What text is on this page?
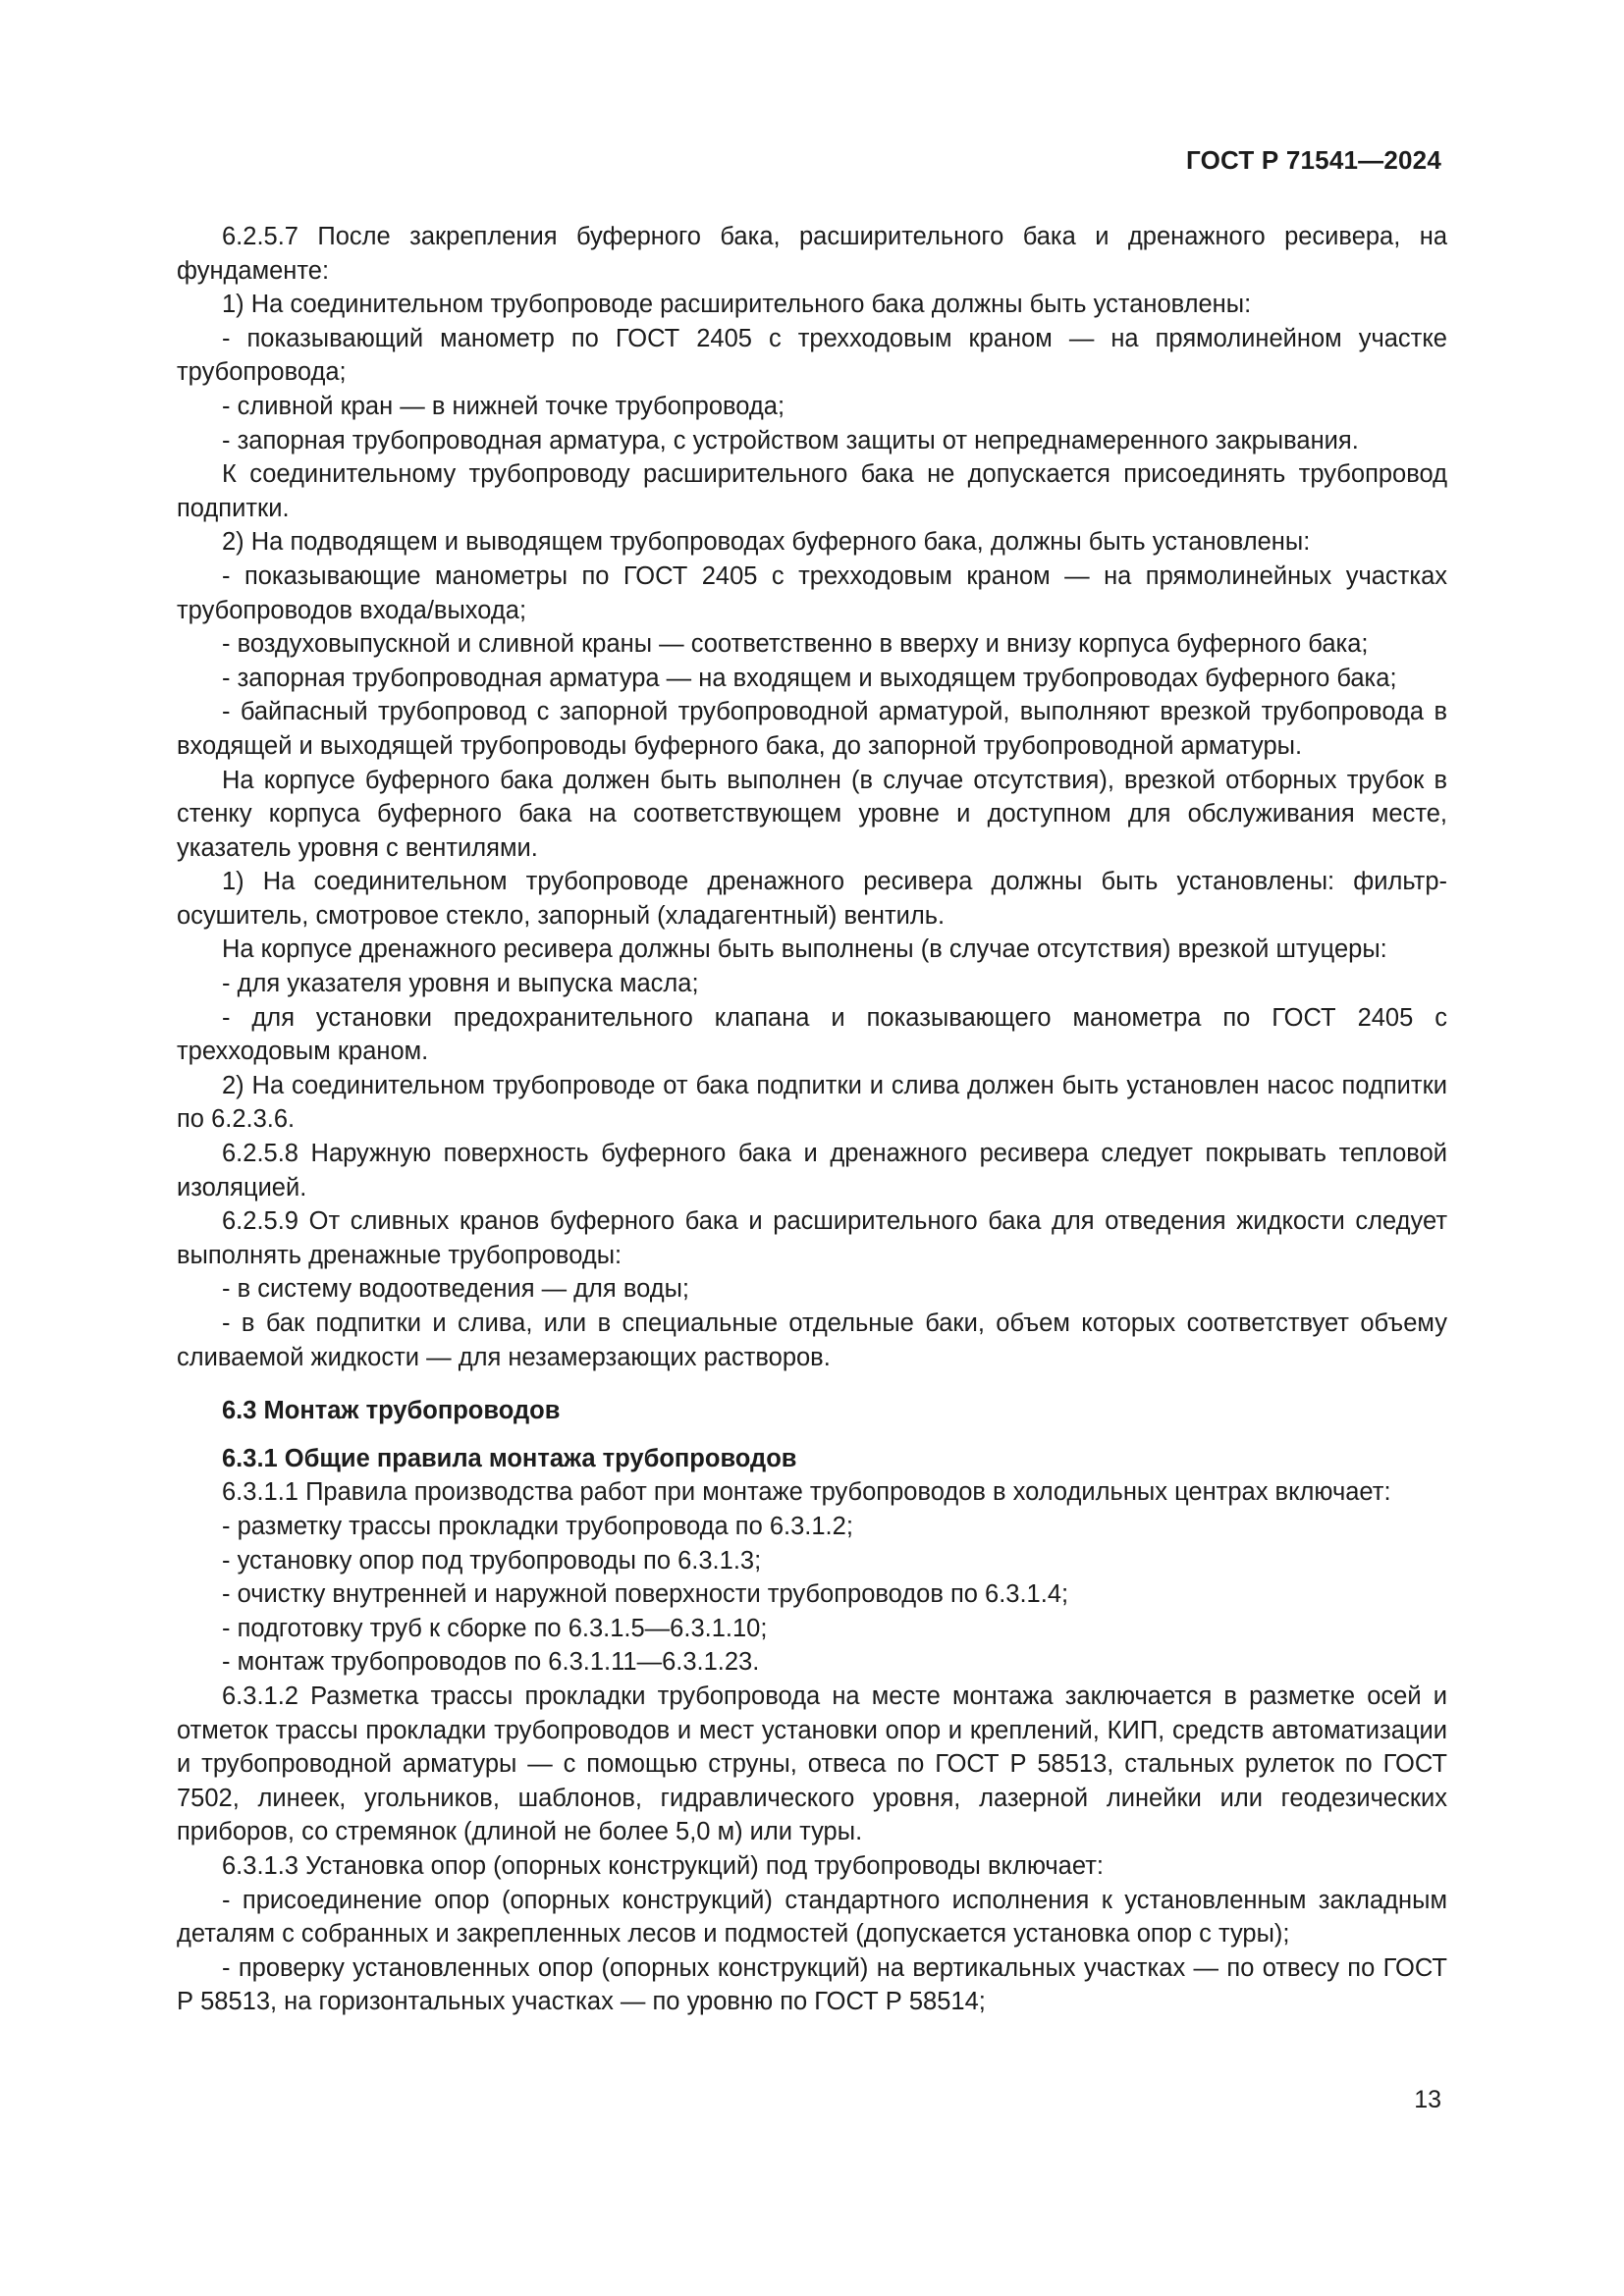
ГОСТ Р 71541—2024

6.2.5.7 После закрепления буферного бака, расширительного бака и дренажного ресивера, на фундаменте:

1) На соединительном трубопроводе расширительного бака должны быть установлены:

- показывающий манометр по ГОСТ 2405 с трехходовым краном — на прямолинейном участке трубопровода;

- сливной кран — в нижней точке трубопровода;

- запорная трубопроводная арматура, с устройством защиты от непреднамеренного закрывания.

К соединительному трубопроводу расширительного бака не допускается присоединять трубопровод подпитки.

2) На подводящем и выводящем трубопроводах буферного бака, должны быть установлены:

- показывающие манометры по ГОСТ 2405 с трехходовым краном — на прямолинейных участках трубопроводов входа/выхода;

- воздуховыпускной и сливной краны — соответственно в вверху и внизу корпуса буферного бака;

- запорная трубопроводная арматура — на входящем и выходящем трубопроводах буферного бака;

- байпасный трубопровод с запорной трубопроводной арматурой, выполняют врезкой трубопровода в входящей и выходящей трубопроводы буферного бака, до запорной трубопроводной арматуры.

На корпусе буферного бака должен быть выполнен (в случае отсутствия), врезкой отборных трубок в стенку корпуса буферного бака на соответствующем уровне и доступном для обслуживания месте, указатель уровня с вентилями.

1) На соединительном трубопроводе дренажного ресивера должны быть установлены: фильтр-осушитель, смотровое стекло, запорный (хладагентный) вентиль.

На корпусе дренажного ресивера должны быть выполнены (в случае отсутствия) врезкой штуцеры:

- для указателя уровня и выпуска масла;

- для установки предохранительного клапана и показывающего манометра по ГОСТ 2405 с трехходовым краном.

2) На соединительном трубопроводе от бака подпитки и слива должен быть установлен насос подпитки по 6.2.3.6.

6.2.5.8 Наружную поверхность буферного бака и дренажного ресивера следует покрывать тепловой изоляцией.

6.2.5.9 От сливных кранов буферного бака и расширительного бака для отведения жидкости следует выполнять дренажные трубопроводы:

- в систему водоотведения — для воды;

- в бак подпитки и слива, или в специальные отдельные баки, объем которых соответствует объему сливаемой жидкости — для незамерзающих растворов.

6.3 Монтаж трубопроводов

6.3.1 Общие правила монтажа трубопроводов

6.3.1.1 Правила производства работ при монтаже трубопроводов в холодильных центрах включает:

- разметку трассы прокладки трубопровода по 6.3.1.2;

- установку опор под трубопроводы по 6.3.1.3;

- очистку внутренней и наружной поверхности трубопроводов по 6.3.1.4;

- подготовку труб к сборке по 6.3.1.5—6.3.1.10;

- монтаж трубопроводов по 6.3.1.11—6.3.1.23.

6.3.1.2 Разметка трассы прокладки трубопровода на месте монтажа заключается в разметке осей и отметок трассы прокладки трубопроводов и мест установки опор и креплений, КИП, средств автоматизации и трубопроводной арматуры — с помощью струны, отвеса по ГОСТ Р 58513, стальных рулеток по ГОСТ 7502, линеек, угольников, шаблонов, гидравлического уровня, лазерной линейки или геодезических приборов, со стремянок (длиной не более 5,0 м) или туры.

6.3.1.3 Установка опор (опорных конструкций) под трубопроводы включает:

- присоединение опор (опорных конструкций) стандартного исполнения к установленным закладным деталям с собранных и закрепленных лесов и подмостей (допускается установка опор с туры);

- проверку установленных опор (опорных конструкций) на вертикальных участках — по отвесу по ГОСТ Р 58513, на горизонтальных участках — по уровню по ГОСТ Р 58514;

13
